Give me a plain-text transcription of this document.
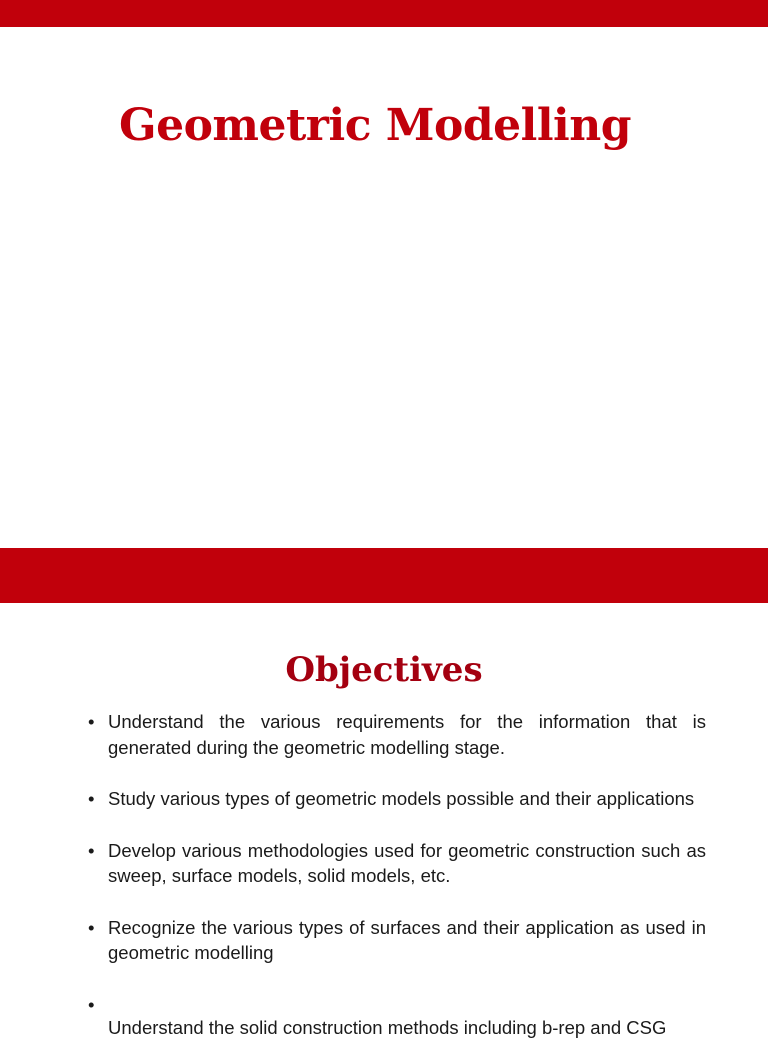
Geometric Modelling
Objectives
• Understand the various requirements for the information that is generated during the geometric modelling stage.
• Study various types of geometric models possible and their applications
• Develop various methodologies used for geometric construction such as sweep, surface models, solid models, etc.
• Recognize the various types of surfaces and their application as used in geometric modelling
•
Understand the solid construction methods including b-rep and CSG
